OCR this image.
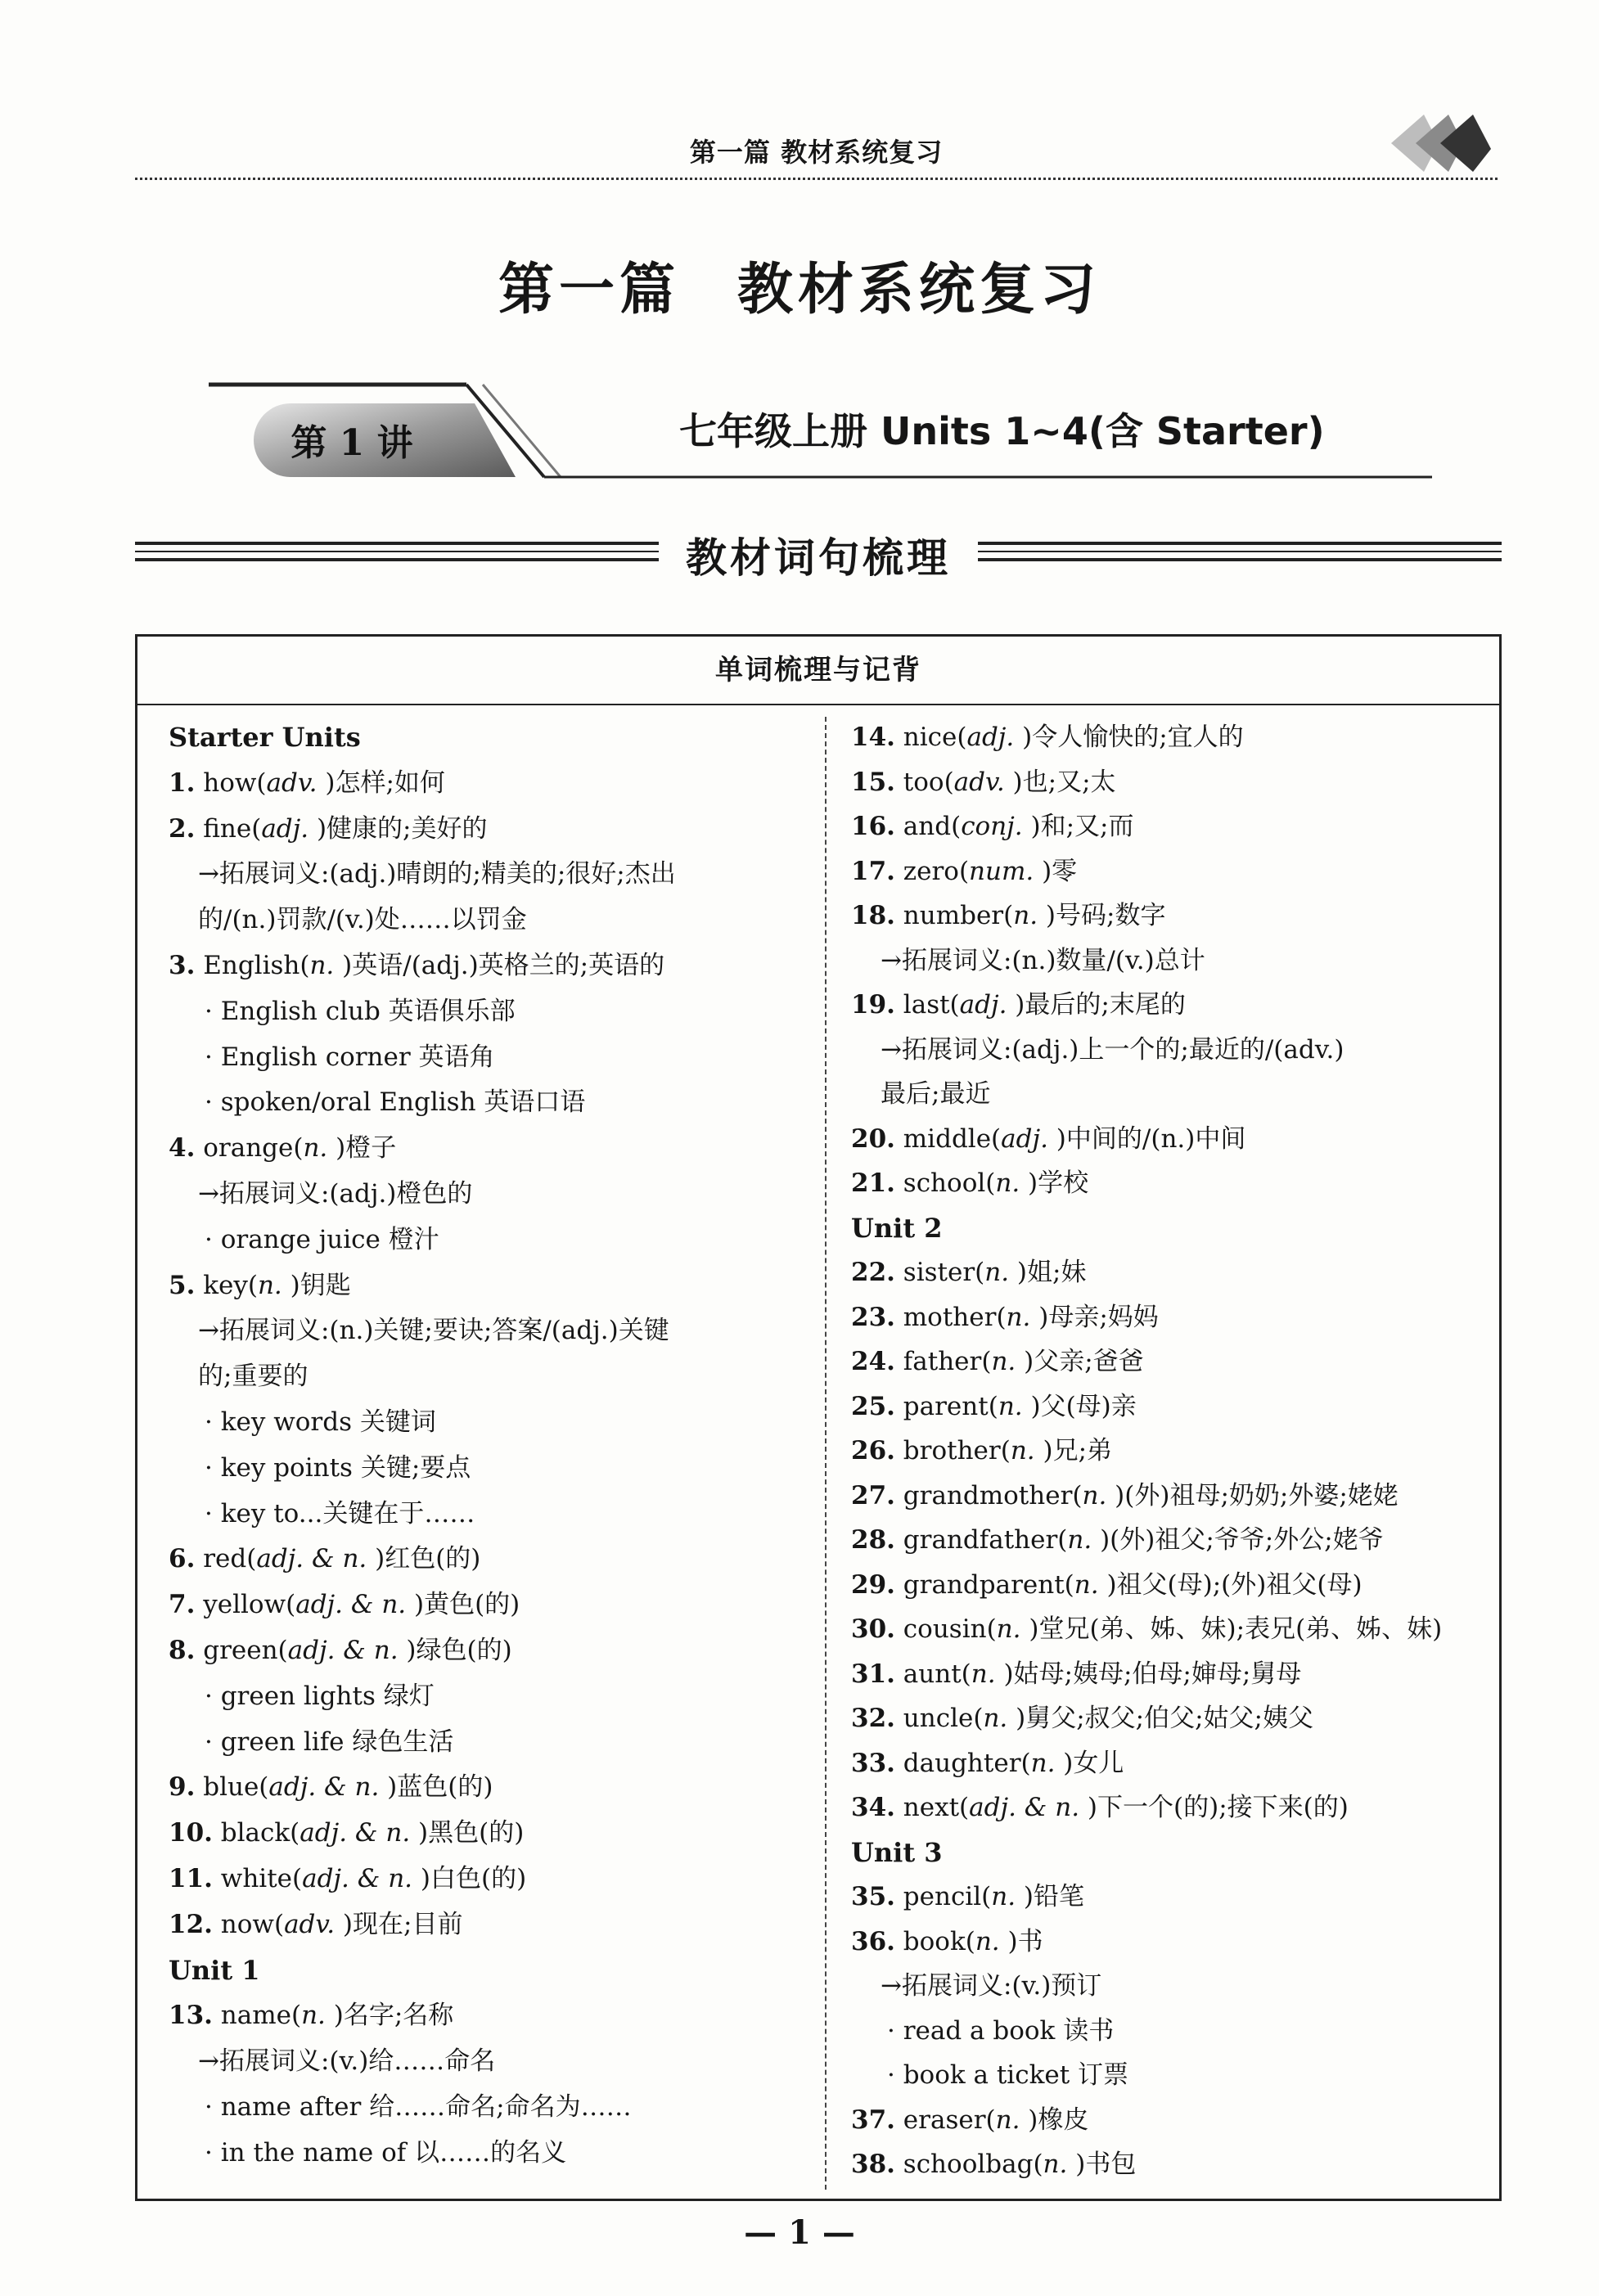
第一篇 教材系统复习
第一篇 教材系统复习
第 1 讲	七年级上册 Units 1~4(含 Starter)
教材词句梳理
单词梳理与记背
Starter Units
1. how(adv. )怎样;如何
2. fine(adj. )健康的;美好的
→拓展词义:(adj.)晴朗的;精美的;很好;杰出
的/(n.)罚款/(v.)处……以罚金
3. English(n. )英语/(adj.)英格兰的;英语的
· English club 英语俱乐部
· English corner 英语角
· spoken/oral English 英语口语
4. orange(n. )橙子
→拓展词义:(adj.)橙色的
· orange juice 橙汁
5. key(n. )钥匙
→拓展词义:(n.)关键;要诀;答案/(adj.)关键
的;重要的
· key words 关键词
· key points 关键;要点
· key to...关键在于……
6. red(adj. & n. )红色(的)
7. yellow(adj. & n. )黄色(的)
8. green(adj. & n. )绿色(的)
· green lights 绿灯
· green life 绿色生活
9. blue(adj. & n. )蓝色(的)
10. black(adj. & n. )黑色(的)
11. white(adj. & n. )白色(的)
12. now(adv. )现在;目前
Unit 1
13. name(n. )名字;名称
→拓展词义:(v.)给……命名
· name after 给……命名;命名为……
· in the name of 以……的名义
14. nice(adj. )令人愉快的;宜人的
15. too(adv. )也;又;太
16. and(conj. )和;又;而
17. zero(num. )零
18. number(n. )号码;数字
→拓展词义:(n.)数量/(v.)总计
19. last(adj. )最后的;末尾的
→拓展词义:(adj.)上一个的;最近的/(adv.)
最后;最近
20. middle(adj. )中间的/(n.)中间
21. school(n. )学校
Unit 2
22. sister(n. )姐;妹
23. mother(n. )母亲;妈妈
24. father(n. )父亲;爸爸
25. parent(n. )父(母)亲
26. brother(n. )兄;弟
27. grandmother(n. )(外)祖母;奶奶;外婆;姥姥
28. grandfather(n. )(外)祖父;爷爷;外公;姥爷
29. grandparent(n. )祖父(母);(外)祖父(母)
30. cousin(n. )堂兄(弟、姊、妹);表兄(弟、姊、妹)
31. aunt(n. )姑母;姨母;伯母;婶母;舅母
32. uncle(n. )舅父;叔父;伯父;姑父;姨父
33. daughter(n. )女儿
34. next(adj. & n. )下一个(的);接下来(的)
Unit 3
35. pencil(n. )铅笔
36. book(n. )书
→拓展词义:(v.)预订
· read a book 读书
· book a ticket 订票
37. eraser(n. )橡皮
38. schoolbag(n. )书包
— 1 —
